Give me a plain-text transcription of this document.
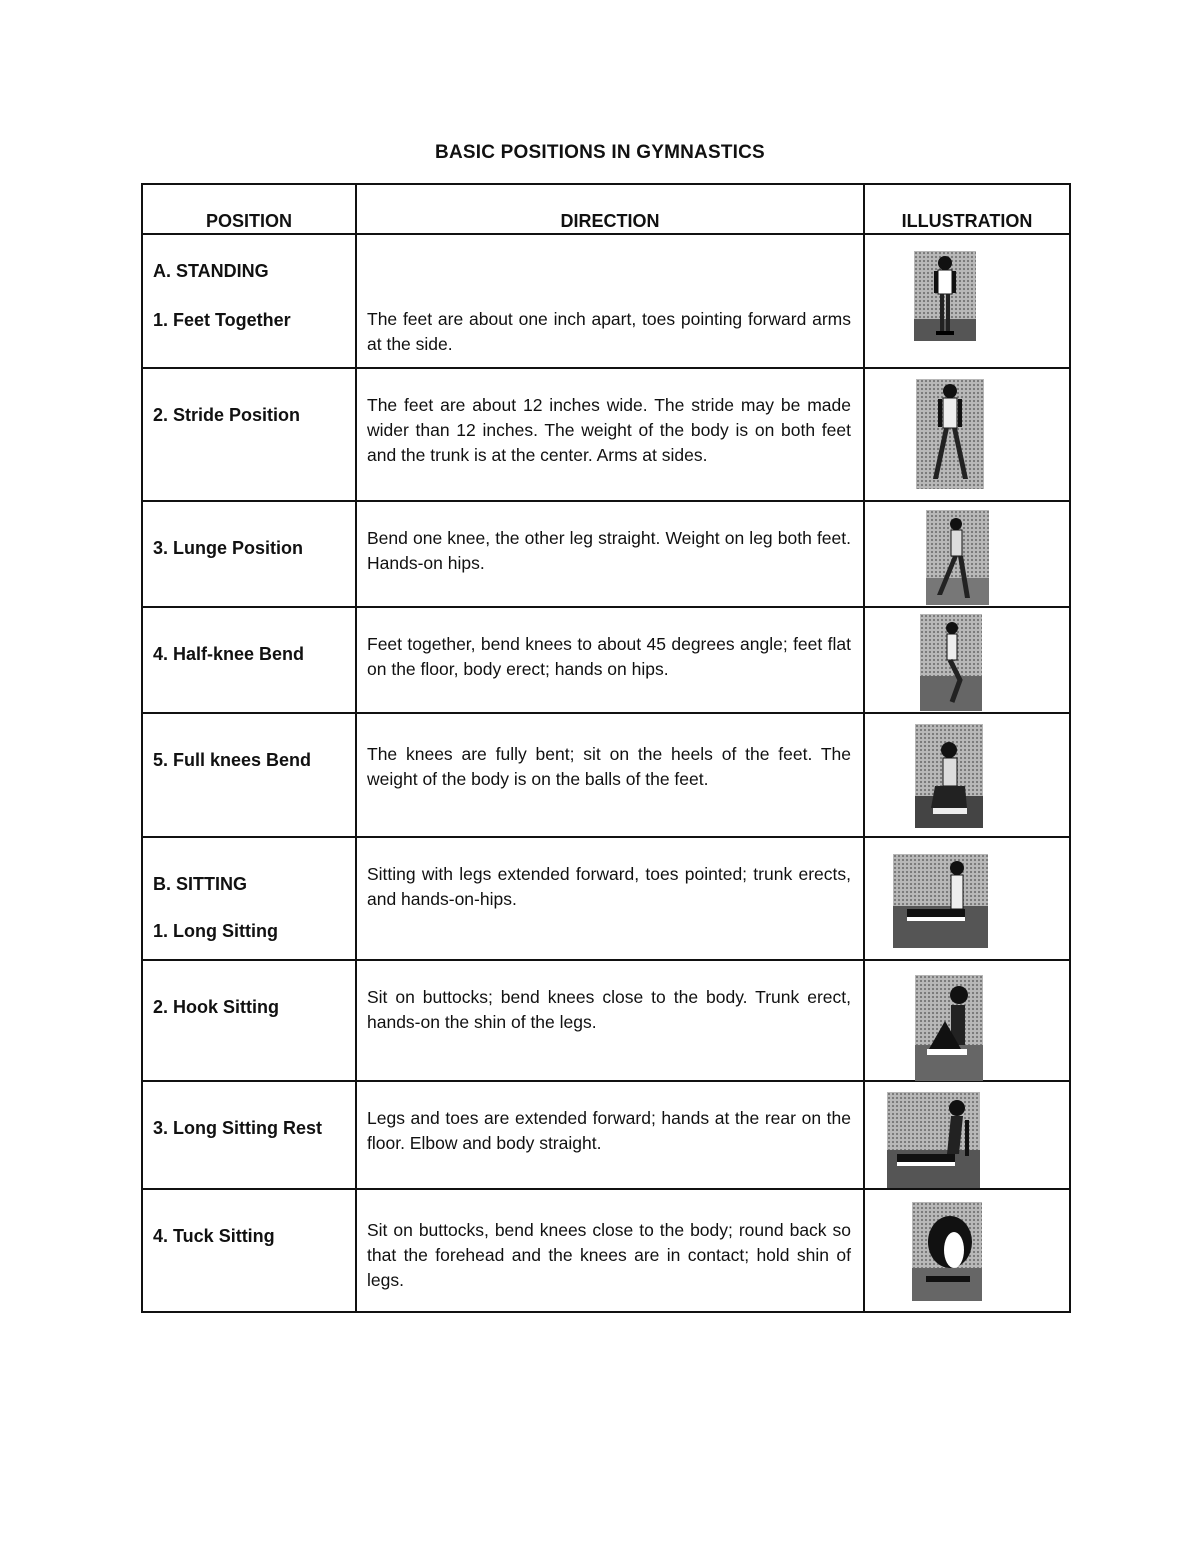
BASIC POSITIONS IN GYMNASTICS
POSITION	DIRECTION	ILLUSTRATION

A. STANDING
1. Feet Together	The feet are about one inch apart, toes pointing forward arms at the side.

2. Stride Position	The feet are about 12 inches wide. The stride may be made wider than 12 inches. The weight of the body is on both feet and the trunk is at the center. Arms at sides.

3. Lunge Position	Bend one knee, the other leg straight. Weight on leg both feet. Hands-on hips.

4. Half-knee Bend	Feet together, bend knees to about 45 degrees angle; feet flat on the floor, body erect; hands on hips.

5. Full knees Bend	The knees are fully bent; sit on the heels of the feet. The weight of the body is on the balls of the feet.

B. SITTING
1. Long Sitting	Sitting with legs extended forward, toes pointed; trunk erects, and hands-on-hips.

2. Hook Sitting	Sit on buttocks; bend knees close to the body. Trunk erect, hands-on the shin of the legs.

3. Long Sitting Rest	Legs and toes are extended forward; hands at the rear on the floor. Elbow and body straight.

4. Tuck Sitting	Sit on buttocks, bend knees close to the body; round back so that the forehead and the knees are in contact; hold shin of legs.
